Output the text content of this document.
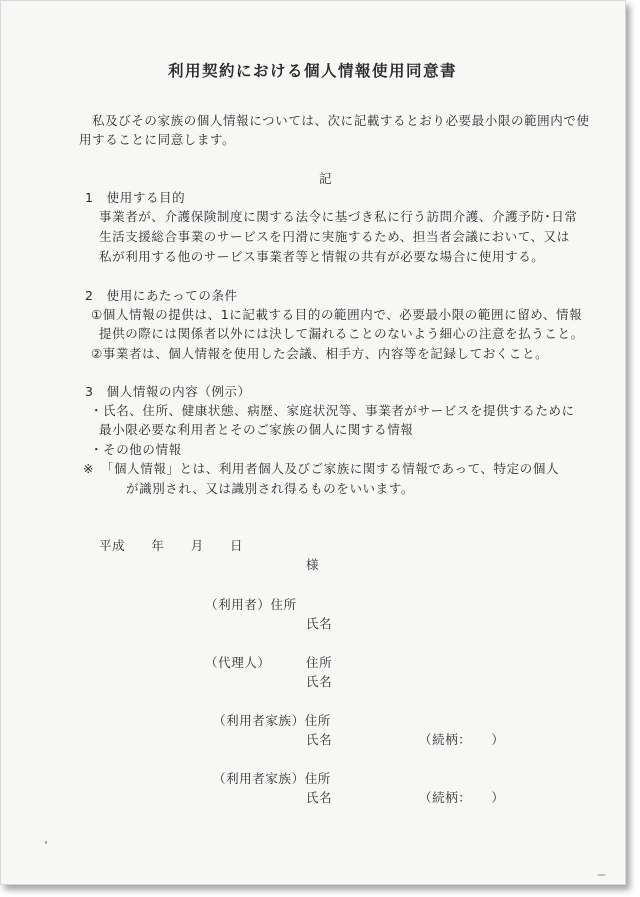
利用契約における個人情報使用同意書
私及びその家族の個人情報については、次に記載するとおり必要最小限の範囲内で使
用することに同意します。
記
1　使用する目的
事業者が、介護保険制度に関する法令に基づき私に行う訪問介護、介護予防･日常
生活支援総合事業のサービスを円滑に実施するため、担当者会議において、又は
私が利用する他のサービス事業者等と情報の共有が必要な場合に使用する。
2　使用にあたっての条件
①個人情報の提供は、1に記載する目的の範囲内で、必要最小限の範囲に留め、情報
提供の際には関係者以外には決して漏れることのないよう細心の注意を払うこと。
②事業者は、個人情報を使用した会議、相手方、内容等を記録しておくこと。
3　個人情報の内容（例示）
・氏名、住所、健康状態、病歴、家庭状況等、事業者がサービスを提供するために
最小限必要な利用者とそのご家族の個人に関する情報
・その他の情報
※　「個人情報」とは、利用者個人及びご家族に関する情報であって、特定の個人
が識別され、又は識別され得るものをいいます。
平成　　年　　月　　日
様
（利用者）住所
氏名
（代理人）	住所
氏名
（利用者家族）住所
氏名	（続柄：　　）
（利用者家族）住所
氏名	（続柄：　　）
